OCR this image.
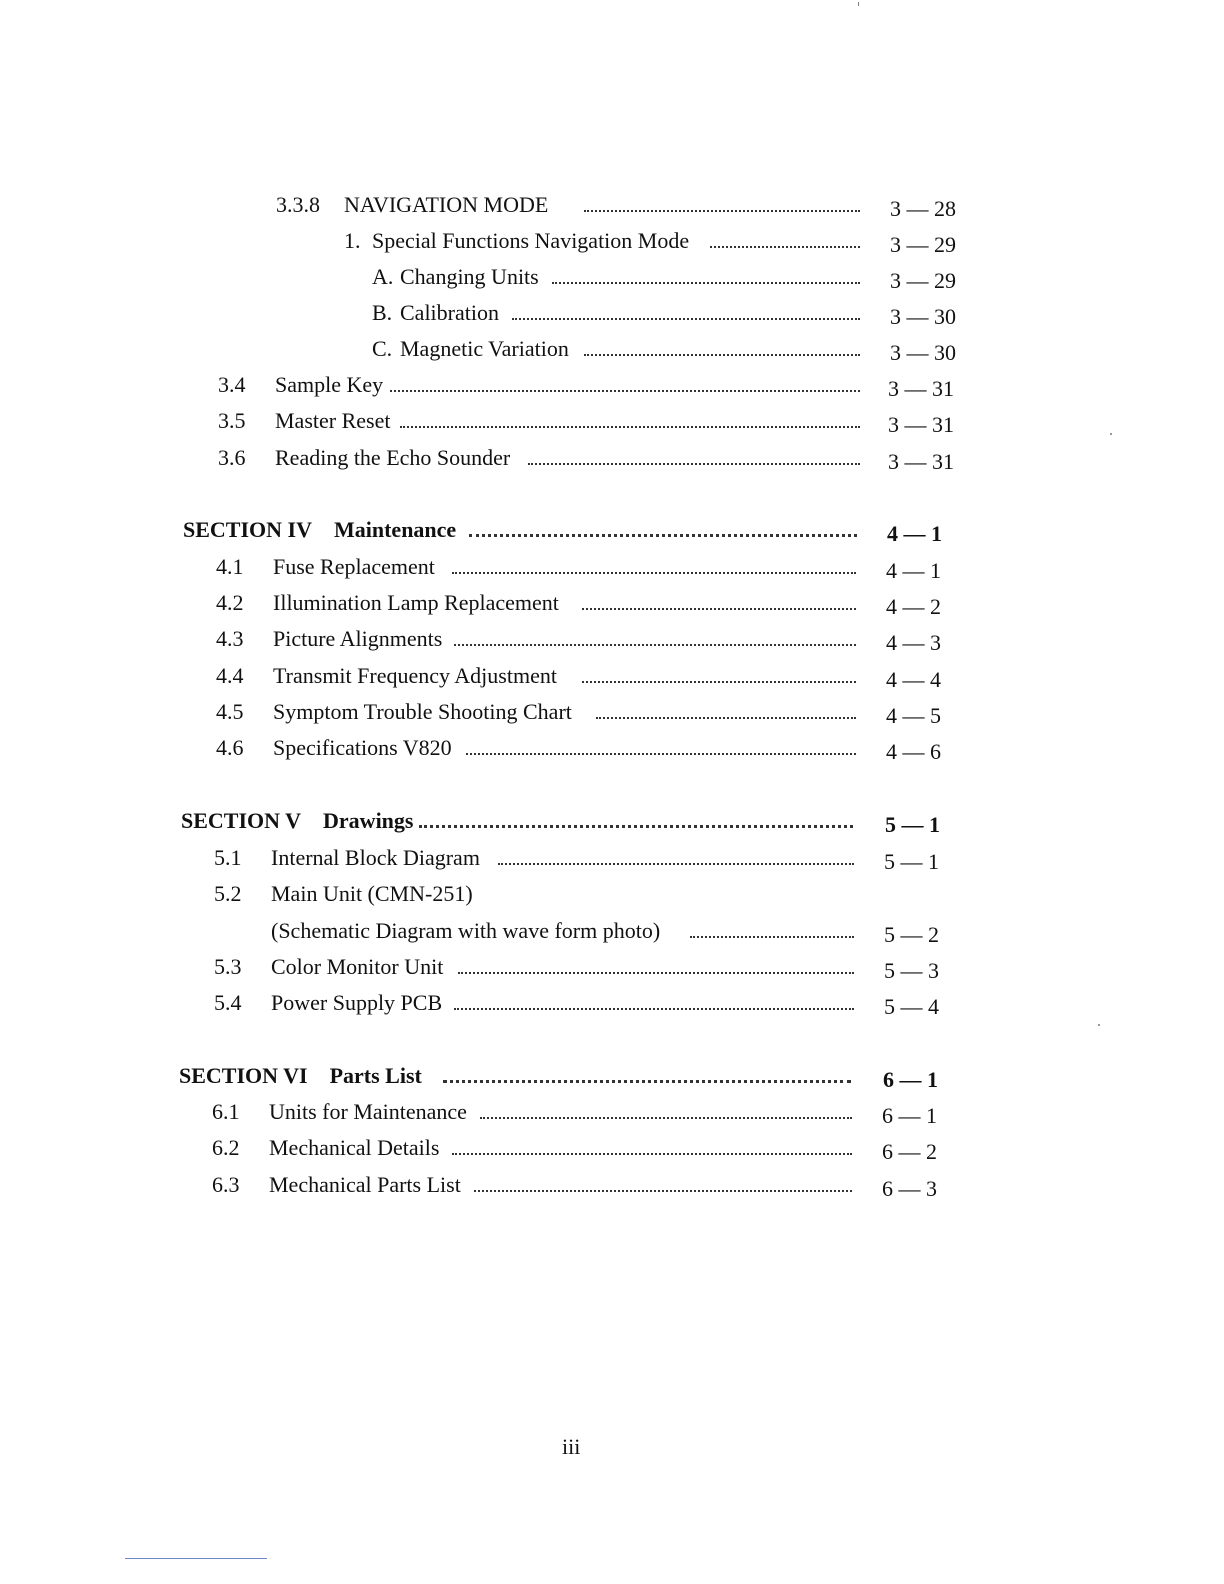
3.3.8 NAVIGATION MODE	3 — 28
1. Special Functions Navigation Mode	3 — 29
A. Changing Units	3 — 29
B. Calibration	3 — 30
C. Magnetic Variation	3 — 30
3.4 Sample Key	3 — 31
3.5 Master Reset	3 — 31
3.6 Reading the Echo Sounder	3 — 31
SECTION IV Maintenance	4 — 1
4.1 Fuse Replacement	4 — 1
4.2 Illumination Lamp Replacement	4 — 2
4.3 Picture Alignments	4 — 3
4.4 Transmit Frequency Adjustment	4 — 4
4.5 Symptom Trouble Shooting Chart	4 — 5
4.6 Specifications V820	4 — 6
SECTION V Drawings	5 — 1
5.1 Internal Block Diagram	5 — 1
5.2 Main Unit (CMN-251)
(Schematic Diagram with wave form photo)	5 — 2
5.3 Color Monitor Unit	5 — 3
5.4 Power Supply PCB	5 — 4
SECTION VI Parts List	6 — 1
6.1 Units for Maintenance	6 — 1
6.2 Mechanical Details	6 — 2
6.3 Mechanical Parts List	6 — 3
iii
